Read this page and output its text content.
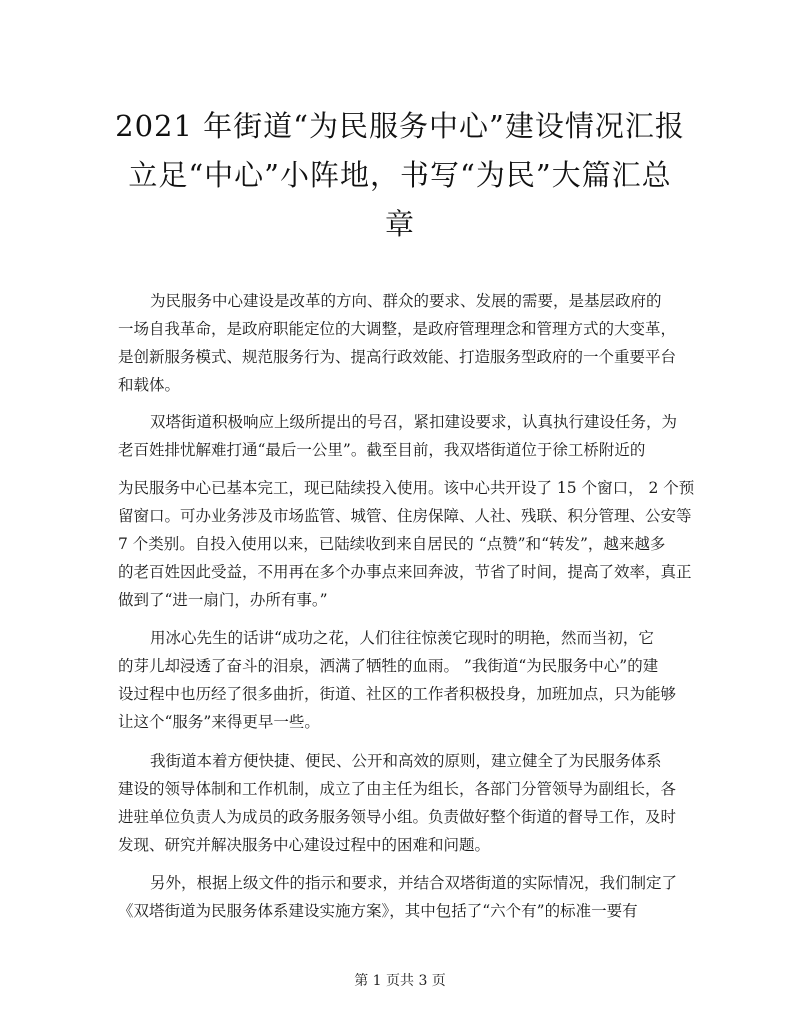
2021 年街道“为民服务中心”建设情况汇报
立足“中心”小阵地，书写“为民”大篇汇总
章
为民服务中心建设是改革的方向、群众的要求、发展的需要，是基层政府的
一场自我革命，是政府职能定位的大调整，是政府管理理念和管理方式的大变革，
是创新服务模式、规范服务行为、提高行政效能、打造服务型政府的一个重要平台
和载体。
双塔街道积极响应上级所提出的号召，紧扣建设要求，认真执行建设任务，为
老百姓排忧解难打通“最后一公里”。截至目前，我双塔街道位于徐工桥附近的
为民服务中心已基本完工，现已陆续投入使用。该中心共开设了 15 个窗口， 2 个预
留窗口。可办业务涉及市场监管、城管、住房保障、人社、残联、积分管理、公安等
7 个类别。自投入使用以来，已陆续收到来自居民的 “点赞”和“转发”，越来越多
的老百姓因此受益，不用再在多个办事点来回奔波，节省了时间，提高了效率，真正
做到了“进一扇门，办所有事。”
用冰心先生的话讲“成功之花，人们往往惊羡它现时的明艳，然而当初，它
的芽儿却浸透了奋斗的泪泉，洒满了牺牲的血雨。 ”我街道“为民服务中心”的建
设过程中也历经了很多曲折，街道、社区的工作者积极投身，加班加点，只为能够
让这个“服务”来得更早一些。
我街道本着方便快捷、便民、公开和高效的原则，建立健全了为民服务体系
建设的领导体制和工作机制，成立了由主任为组长，各部门分管领导为副组长，各
进驻单位负责人为成员的政务服务领导小组。负责做好整个街道的督导工作，及时
发现、研究并解决服务中心建设过程中的困难和问题。
另外，根据上级文件的指示和要求，并结合双塔街道的实际情况，我们制定了
《双塔街道为民服务体系建设实施方案》，其中包括了“六个有”的标准一要有
第 1 页共 3 页
